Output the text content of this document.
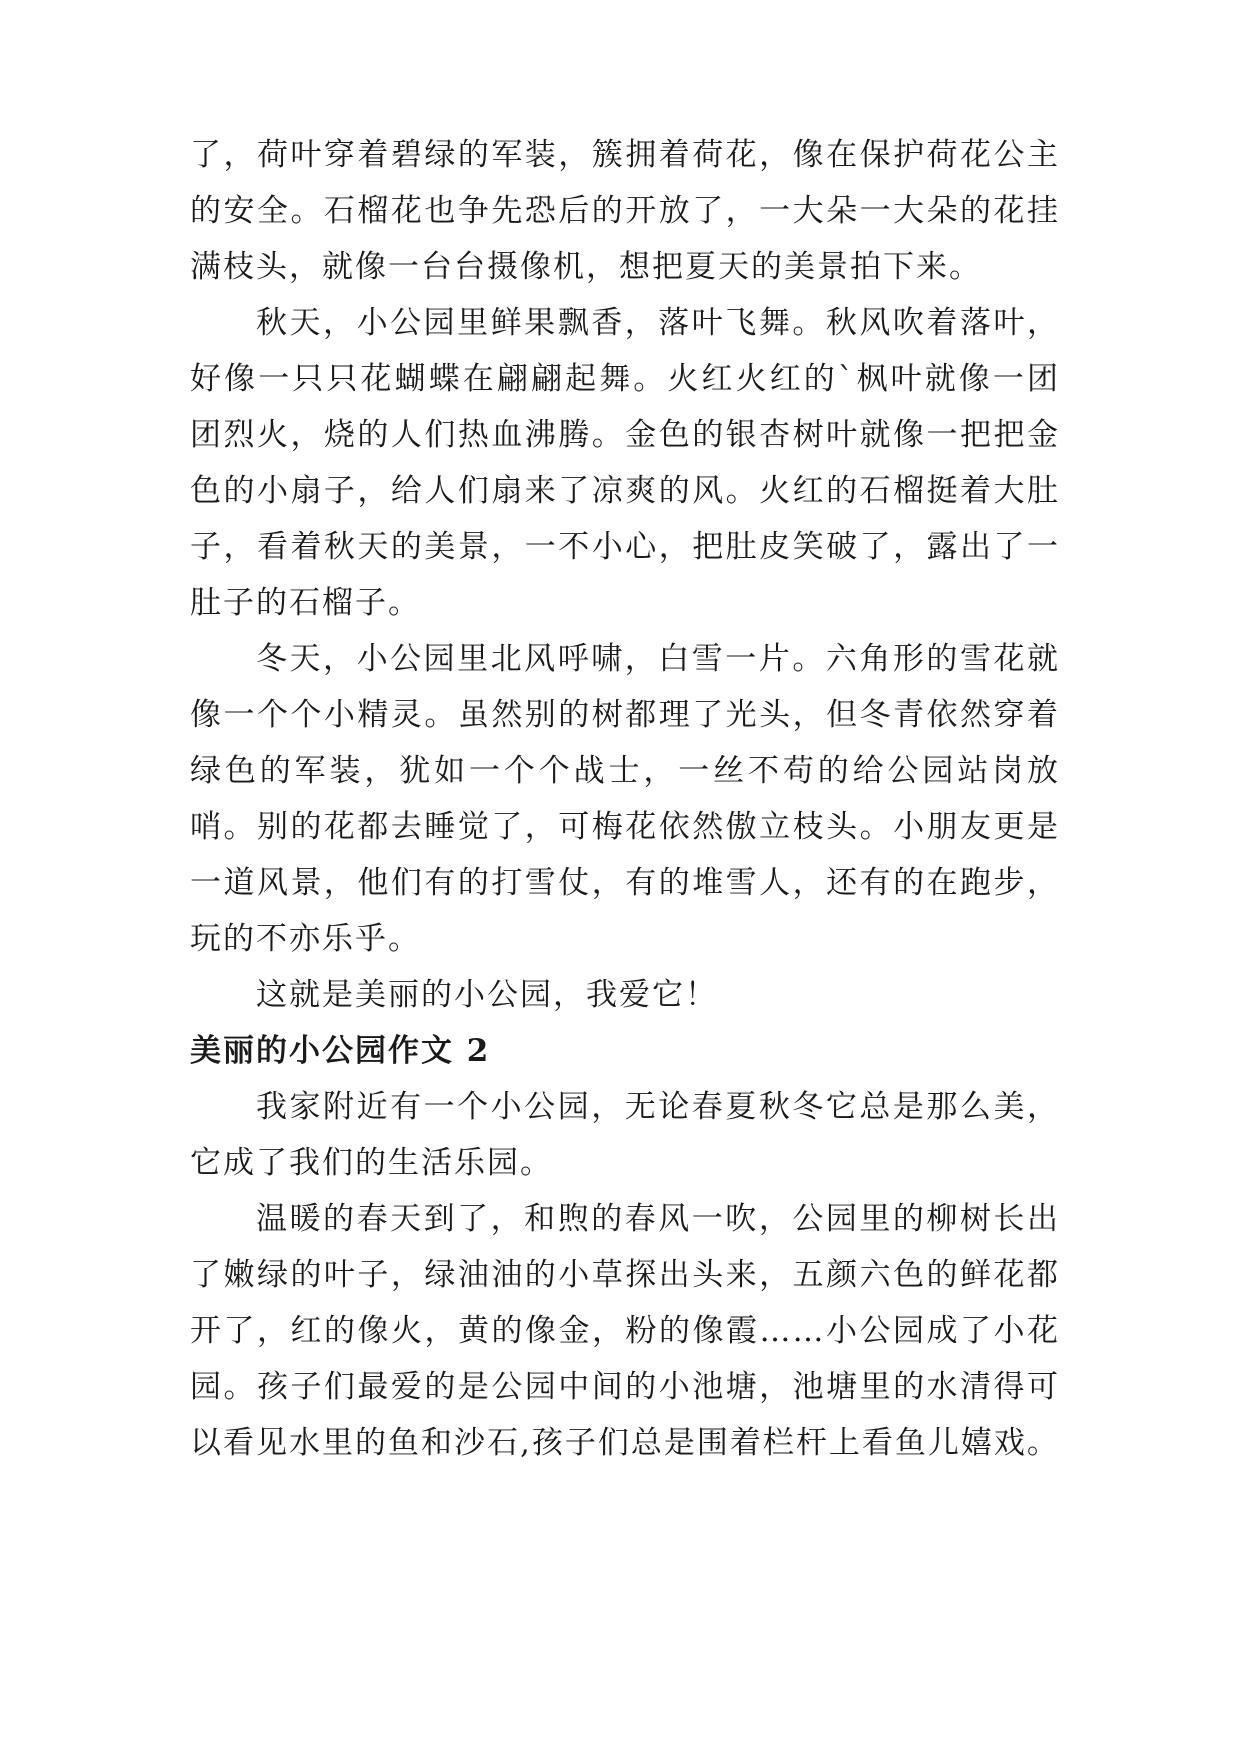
了，荷叶穿着碧绿的军装，簇拥着荷花，像在保护荷花公主的安全。石榴花也争先恐后的开放了，一大朵一大朵的花挂满枝头，就像一台台摄像机，想把夏天的美景拍下来。

秋天，小公园里鲜果飘香，落叶飞舞。秋风吹着落叶，好像一只只花蝴蝶在翩翩起舞。火红火红的`枫叶就像一团团烈火，烧的人们热血沸腾。金色的银杏树叶就像一把把金色的小扇子，给人们扇来了凉爽的风。火红的石榴挺着大肚子，看着秋天的美景，一不小心，把肚皮笑破了，露出了一肚子的石榴子。

冬天，小公园里北风呼啸，白雪一片。六角形的雪花就像一个个小精灵。虽然别的树都理了光头，但冬青依然穿着绿色的军装，犹如一个个战士，一丝不苟的给公园站岗放哨。别的花都去睡觉了，可梅花依然傲立枝头。小朋友更是一道风景，他们有的打雪仗，有的堆雪人，还有的在跑步，玩的不亦乐乎。

这就是美丽的小公园，我爱它！

美丽的小公园作文 2

我家附近有一个小公园，无论春夏秋冬它总是那么美，它成了我们的生活乐园。

温暖的春天到了，和煦的春风一吹，公园里的柳树长出了嫩绿的叶子，绿油油的小草探出头来，五颜六色的鲜花都开了，红的像火，黄的像金，粉的像霞……小公园成了小花园。孩子们最爱的是公园中间的小池塘，池塘里的水清得可以看见水里的鱼和沙石,孩子们总是围着栏杆上看鱼儿嬉戏。
